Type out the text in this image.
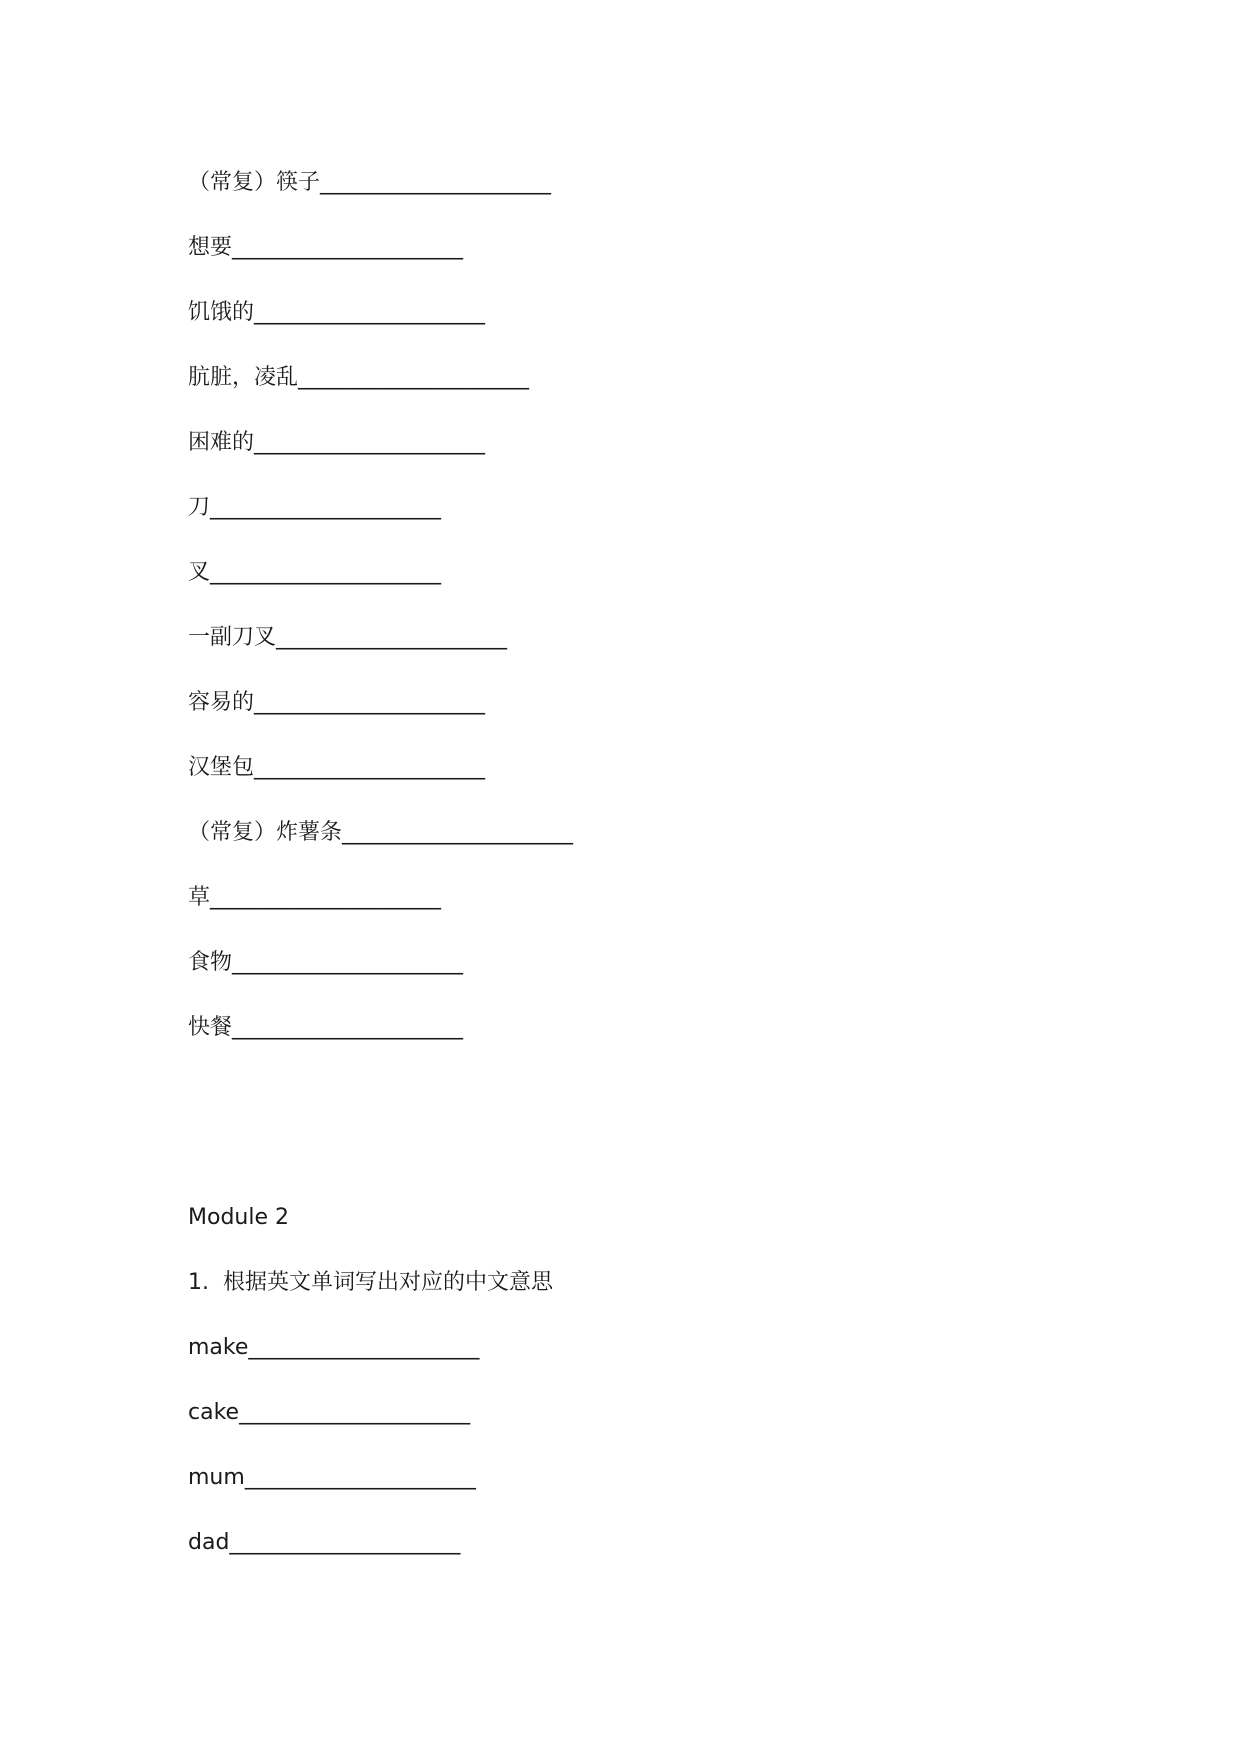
（常复）筷子_____________________
想要_____________________
饥饿的_____________________
肮脏，凌乱_____________________
困难的_____________________
刀_____________________
叉_____________________
一副刀叉_____________________
容易的_____________________
汉堡包_____________________
（常复）炸薯条_____________________
草_____________________
食物_____________________
快餐_____________________
Module 2
1.  根据英文单词写出对应的中文意思
make_____________________
cake_____________________
mum_____________________
dad_____________________
